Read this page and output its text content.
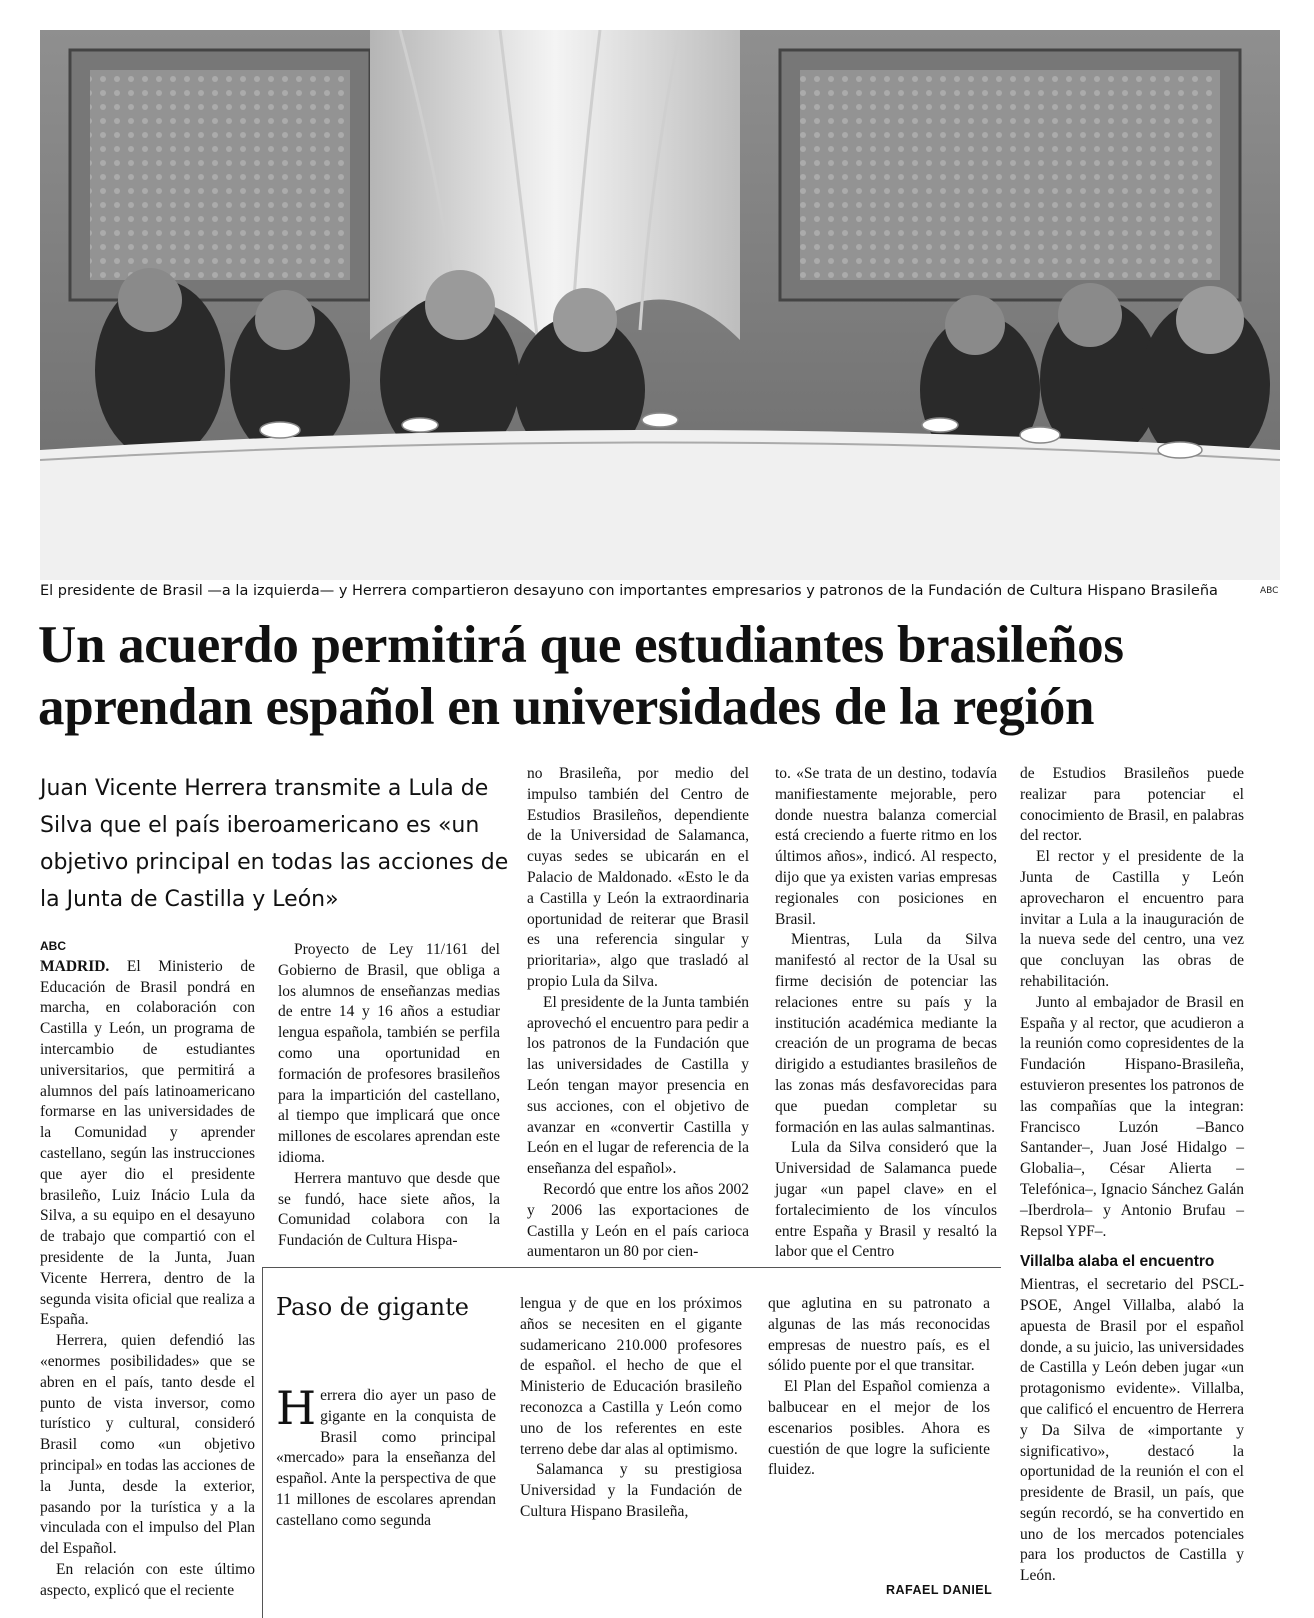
El presidente de Brasil —a la izquierda— y Herrera compartieron desayuno con importantes empresarios y patronos de la Fundación de Cultura Hispano Brasileña	ABC
Un acuerdo permitirá que estudiantes brasileños aprendan español en universidades de la región
Juan Vicente Herrera transmite a Lula de Silva que el país iberoamericano es «un objetivo principal en todas las acciones de la Junta de Castilla y León»
ABC

MADRID. El Ministerio de Educación de Brasil pondrá en marcha, en colaboración con Castilla y León, un programa de intercambio de estudiantes universitarios, que permitirá a alumnos del país latinoamericano formarse en las universidades de la Comunidad y aprender castellano, según las instrucciones que ayer dio el presidente brasileño, Luiz Inácio Lula da Silva, a su equipo en el desayuno de trabajo que compartió con el presidente de la Junta, Juan Vicente Herrera, dentro de la segunda visita oficial que realiza a España.

Herrera, quien defendió las «enormes posibilidades» que se abren en el país, tanto desde el punto de vista inversor, como turístico y cultural, consideró Brasil como «un objetivo principal» en todas las acciones de la Junta, desde la exterior, pasando por la turística y a la vinculada con el impulso del Plan del Español.

En relación con este último aspecto, explicó que el reciente

Proyecto de Ley 11/161 del Gobierno de Brasil, que obliga a los alumnos de enseñanzas medias de entre 14 y 16 años a estudiar lengua española, también se perfila como una oportunidad en formación de profesores brasileños para la impartición del castellano, al tiempo que implicará que once millones de escolares aprendan este idioma.

Herrera mantuvo que desde que se fundó, hace siete años, la Comunidad colabora con la Fundación de Cultura Hispa-

no Brasileña, por medio del impulso también del Centro de Estudios Brasileños, dependiente de la Universidad de Salamanca, cuyas sedes se ubicarán en el Palacio de Maldonado. «Esto le da a Castilla y León la extraordinaria oportunidad de reiterar que Brasil es una referencia singular y prioritaria», algo que trasladó al propio Lula da Silva.

El presidente de la Junta también aprovechó el encuentro para pedir a los patronos de la Fundación que las universidades de Castilla y León tengan mayor presencia en sus acciones, con el objetivo de avanzar en «convertir Castilla y León en el lugar de referencia de la enseñanza del español».

Recordó que entre los años 2002 y 2006 las exportaciones de Castilla y León en el país carioca aumentaron un 80 por cien-

to. «Se trata de un destino, todavía manifiestamente mejorable, pero donde nuestra balanza comercial está creciendo a fuerte ritmo en los últimos años», indicó. Al respecto, dijo que ya existen varias empresas regionales con posiciones en Brasil.

Mientras, Lula da Silva manifestó al rector de la Usal su firme decisión de potenciar las relaciones entre su país y la institución académica mediante la creación de un programa de becas dirigido a estudiantes brasileños de las zonas más desfavorecidas para que puedan completar su formación en las aulas salmantinas.

Lula da Silva consideró que la Universidad de Salamanca puede jugar «un papel clave» en el fortalecimiento de los vínculos entre España y Brasil y resaltó la labor que el Centro

de Estudios Brasileños puede realizar para potenciar el conocimiento de Brasil, en palabras del rector.

El rector y el presidente de la Junta de Castilla y León aprovecharon el encuentro para invitar a Lula a la inauguración de la nueva sede del centro, una vez que concluyan las obras de rehabilitación.

Junto al embajador de Brasil en España y al rector, que acudieron a la reunión como copresidentes de la Fundación Hispano-Brasileña, estuvieron presentes los patronos de las compañías que la integran: Francisco Luzón –Banco Santander–, Juan José Hidalgo –Globalia–, César Alierta –Telefónica–, Ignacio Sánchez Galán –Iberdrola– y Antonio Brufau –Repsol YPF–.

Villalba alaba el encuentro

Mientras, el secretario del PSCL-PSOE, Angel Villalba, alabó la apuesta de Brasil por el español donde, a su juicio, las universidades de Castilla y León deben jugar «un protagonismo evidente». Villalba, que calificó el encuentro de Herrera y Da Silva de «importante y significativo», destacó la oportunidad de la reunión el con el presidente de Brasil, un país, que según recordó, se ha convertido en uno de los mercados potenciales para los productos de Castilla y León.

Paso de gigante

Herrera dio ayer un paso de gigante en la conquista de Brasil como principal «mercado» para la enseñanza del español. Ante la perspectiva de que 11 millones de escolares aprendan castellano como segunda

lengua y de que en los próximos años se necesiten en el gigante sudamericano 210.000 profesores de español. el hecho de que el Ministerio de Educación brasileño reconozca a Castilla y León como uno de los referentes en este terreno debe dar alas al optimismo.

Salamanca y su prestigiosa Universidad y la Fundación de Cultura Hispano Brasileña,

que aglutina en su patronato a algunas de las más reconocidas empresas de nuestro país, es el sólido puente por el que transitar.

El Plan del Español comienza a balbucear en el mejor de los escenarios posibles. Ahora es cuestión de que logre la suficiente fluidez.

RAFAEL DANIEL
